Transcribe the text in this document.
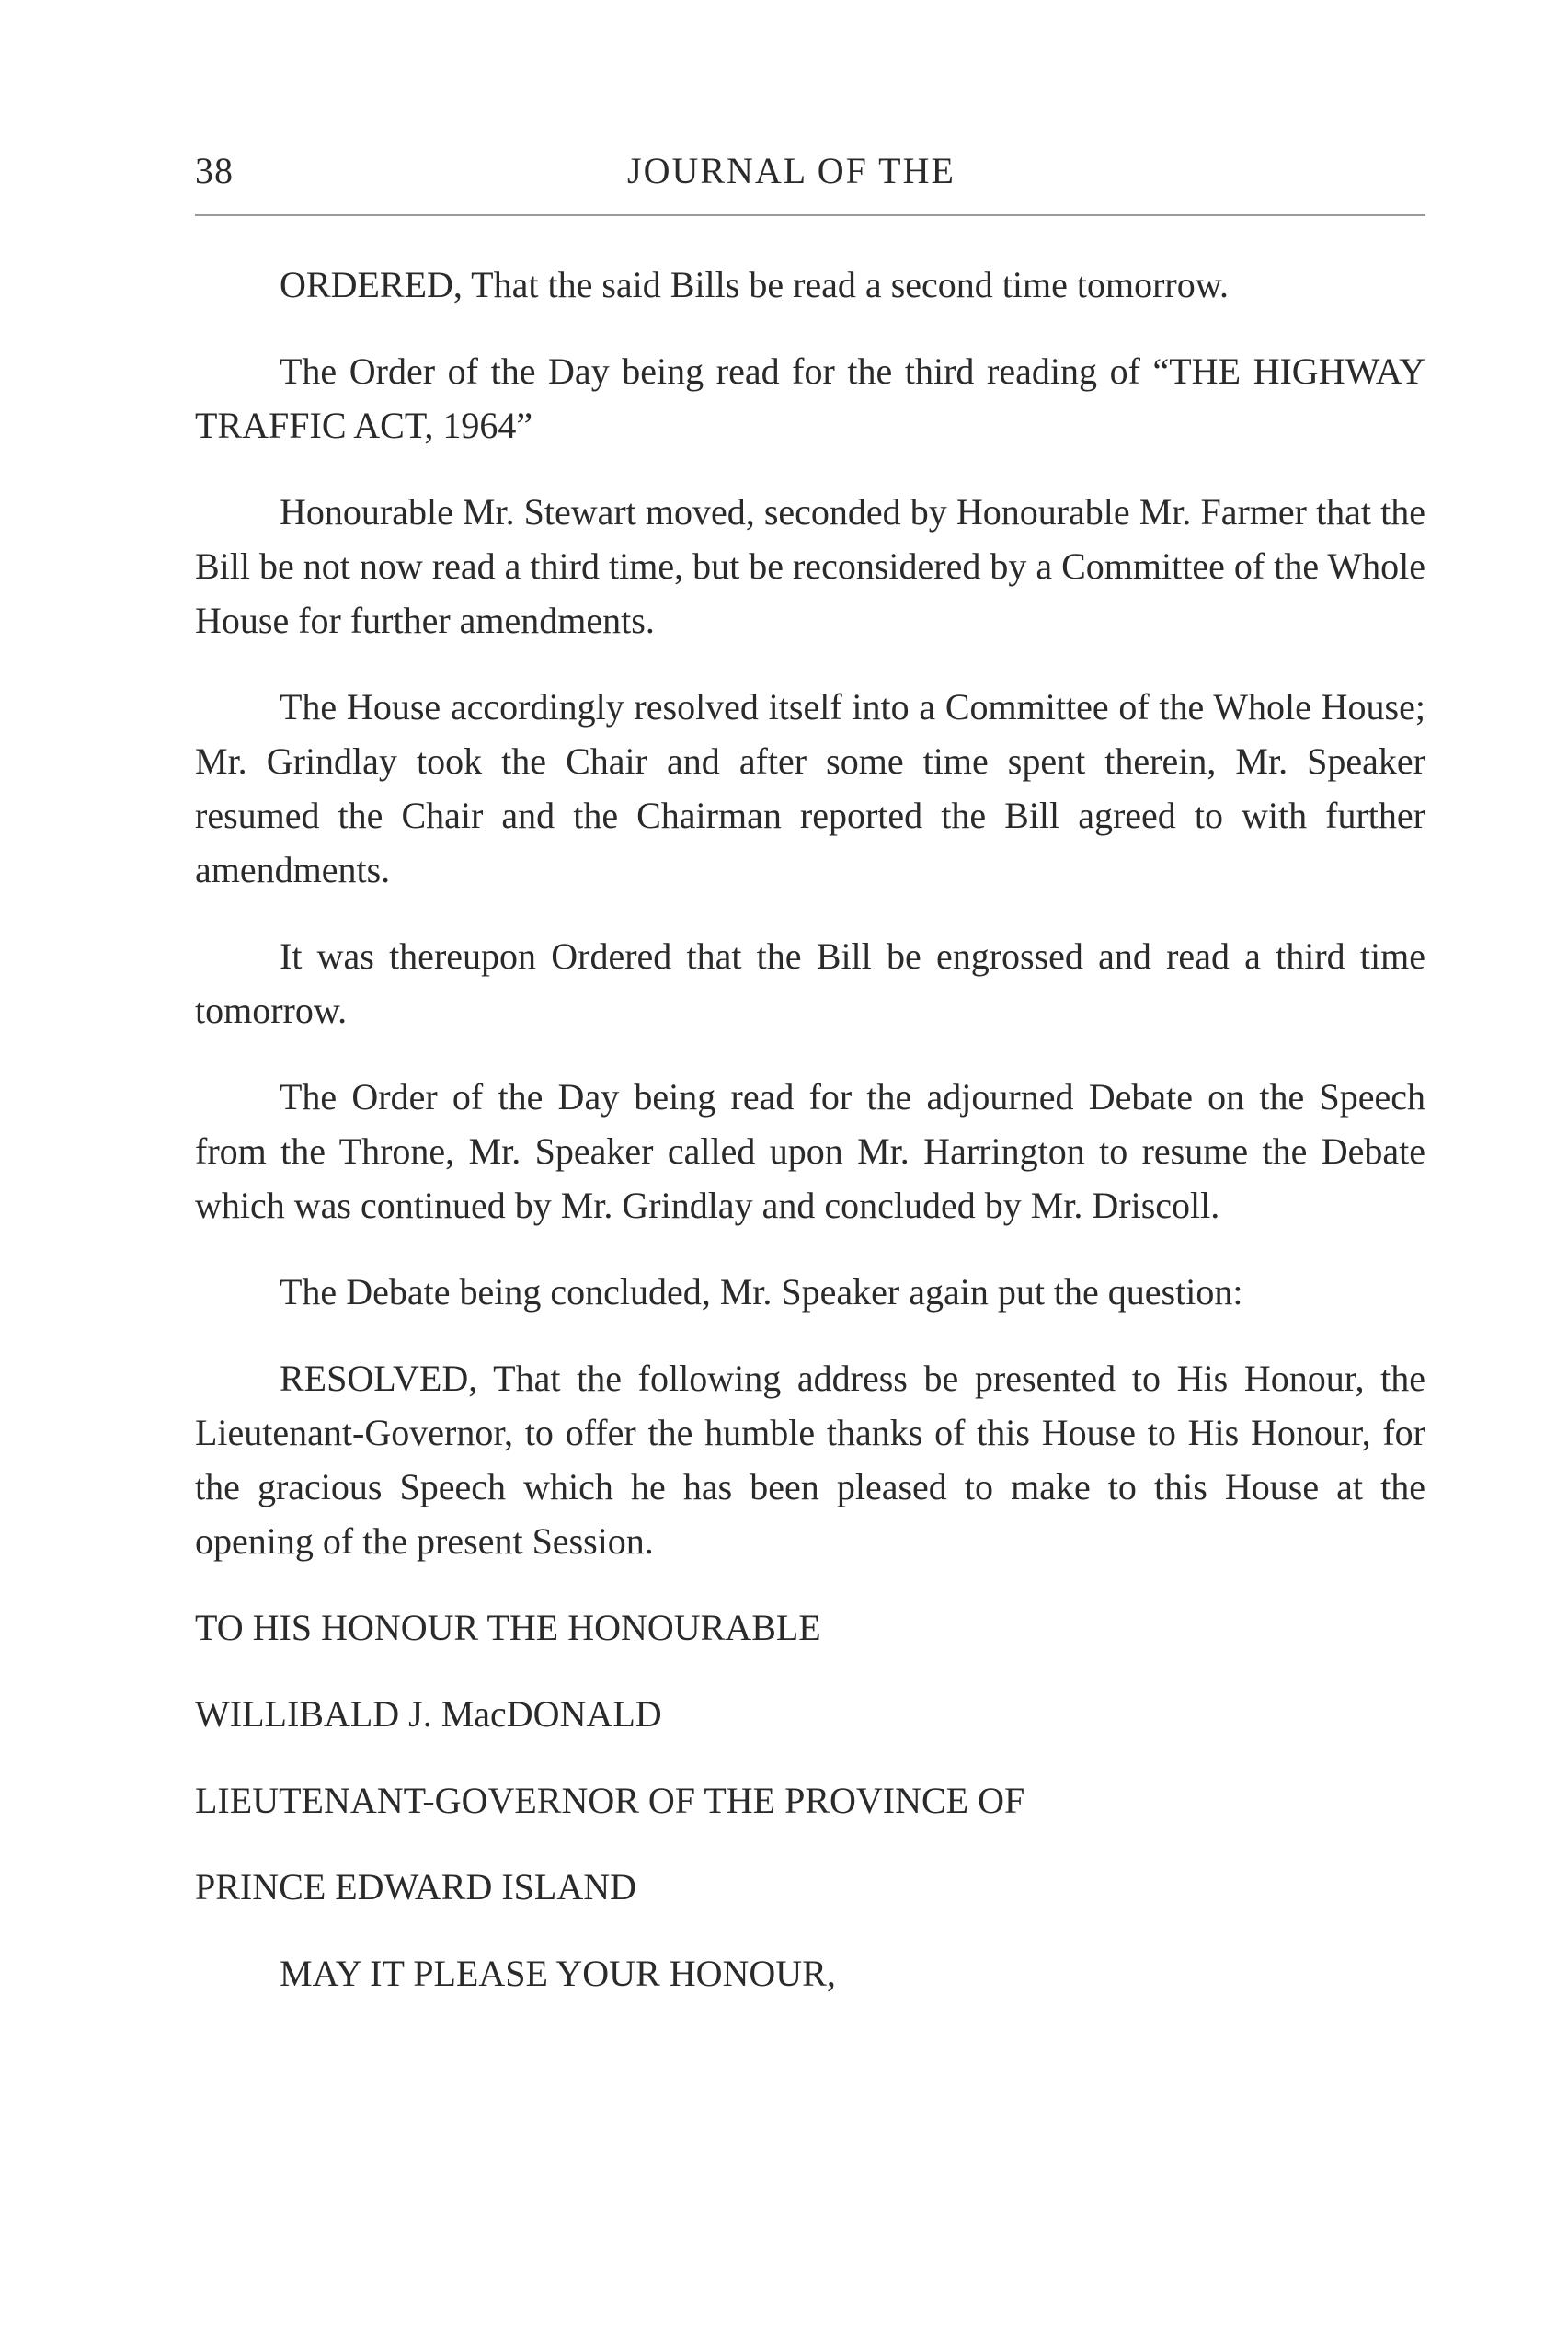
38	JOURNAL OF THE

ORDERED, That the said Bills be read a second time tomorrow.

The Order of the Day being read for the third reading of “THE HIGHWAY TRAFFIC ACT, 1964”

Honourable Mr. Stewart moved, seconded by Honourable Mr. Farmer that the Bill be not now read a third time, but be reconsidered by a Committee of the Whole House for further amendments.

The House accordingly resolved itself into a Committee of the Whole House; Mr. Grindlay took the Chair and after some time spent therein, Mr. Speaker resumed the Chair and the Chairman reported the Bill agreed to with further amendments.

It was thereupon Ordered that the Bill be engrossed and read a third time tomorrow.

The Order of the Day being read for the adjourned Debate on the Speech from the Throne, Mr. Speaker called upon Mr. Harrington to resume the Debate which was continued by Mr. Grindlay and concluded by Mr. Driscoll.

The Debate being concluded, Mr. Speaker again put the question:

RESOLVED, That the following address be presented to His Honour, the Lieutenant-Governor, to offer the humble thanks of this House to His Honour, for the gracious Speech which he has been pleased to make to this House at the opening of the present Session.

TO HIS HONOUR THE HONOURABLE
WILLIBALD J. MacDONALD
LIEUTENANT-GOVERNOR OF THE PROVINCE OF
PRINCE EDWARD ISLAND
MAY IT PLEASE YOUR HONOUR,
